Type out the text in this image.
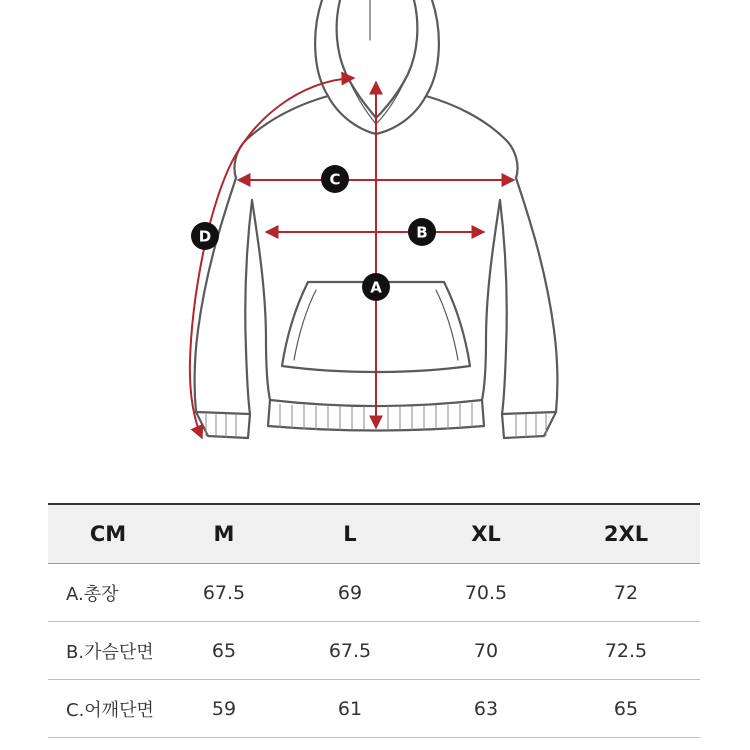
C
B
A
D
CM	M	L	XL	2XL
A.총장	67.5	69	70.5	72
B.가슴단면	65	67.5	70	72.5
C.어깨단면	59	61	63	65
